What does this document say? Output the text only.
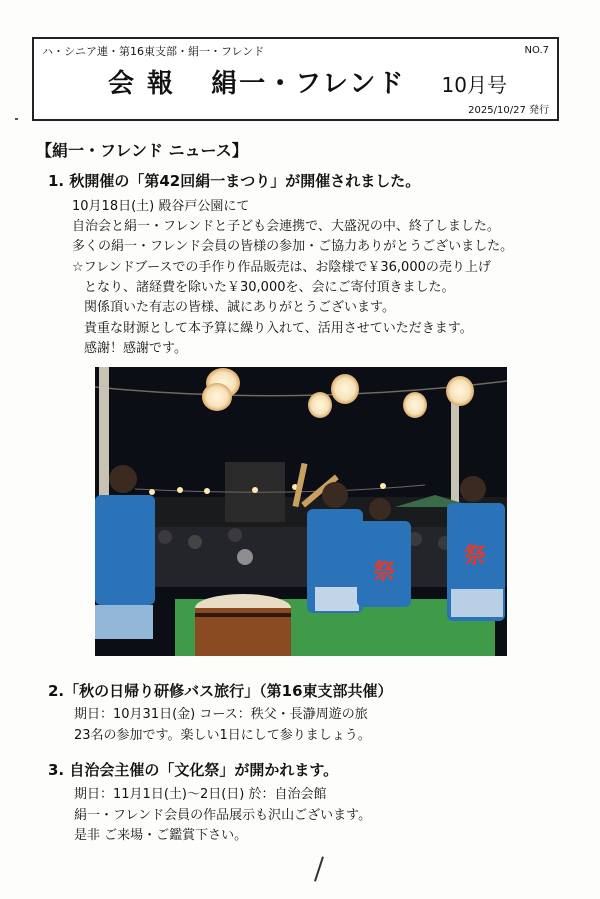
ハ・シニア連・第16東支部・絹一・フレンド	NO.7
会 報 絹一・フレンド 10月号
2025/10/27 発行
【絹一・フレンド ニュース】
1. 秋開催の「第42回絹一まつり」が開催されました。
10月18日(土) 殿谷戸公園にて
自治会と絹一・フレンドと子ども会連携で、大盛況の中、終了しました。
多くの絹一・フレンド会員の皆様の参加・ご協力ありがとうございました。
☆フレンドブースでの手作り作品販売は、お陰様で￥36,000の売り上げ
となり、諸経費を除いた￥30,000を、会にご寄付頂きました。
関係頂いた有志の皆様、誠にありがとうございます。
貴重な財源として本予算に繰り入れて、活用させていただきます。
感謝！感謝です。
祭
祭
2.「秋の日帰り研修バス旅行」（第16東支部共催）
期日：10月31日(金) コース：秩父・長瀞周遊の旅
23名の参加です。楽しい1日にして参りましょう。
3. 自治会主催の「文化祭」が開かれます。
期日：11月1日(土)～2日(日) 於：自治会館
絹一・フレンド会員の作品展示も沢山ございます。
是非 ご来場・ご鑑賞下さい。
